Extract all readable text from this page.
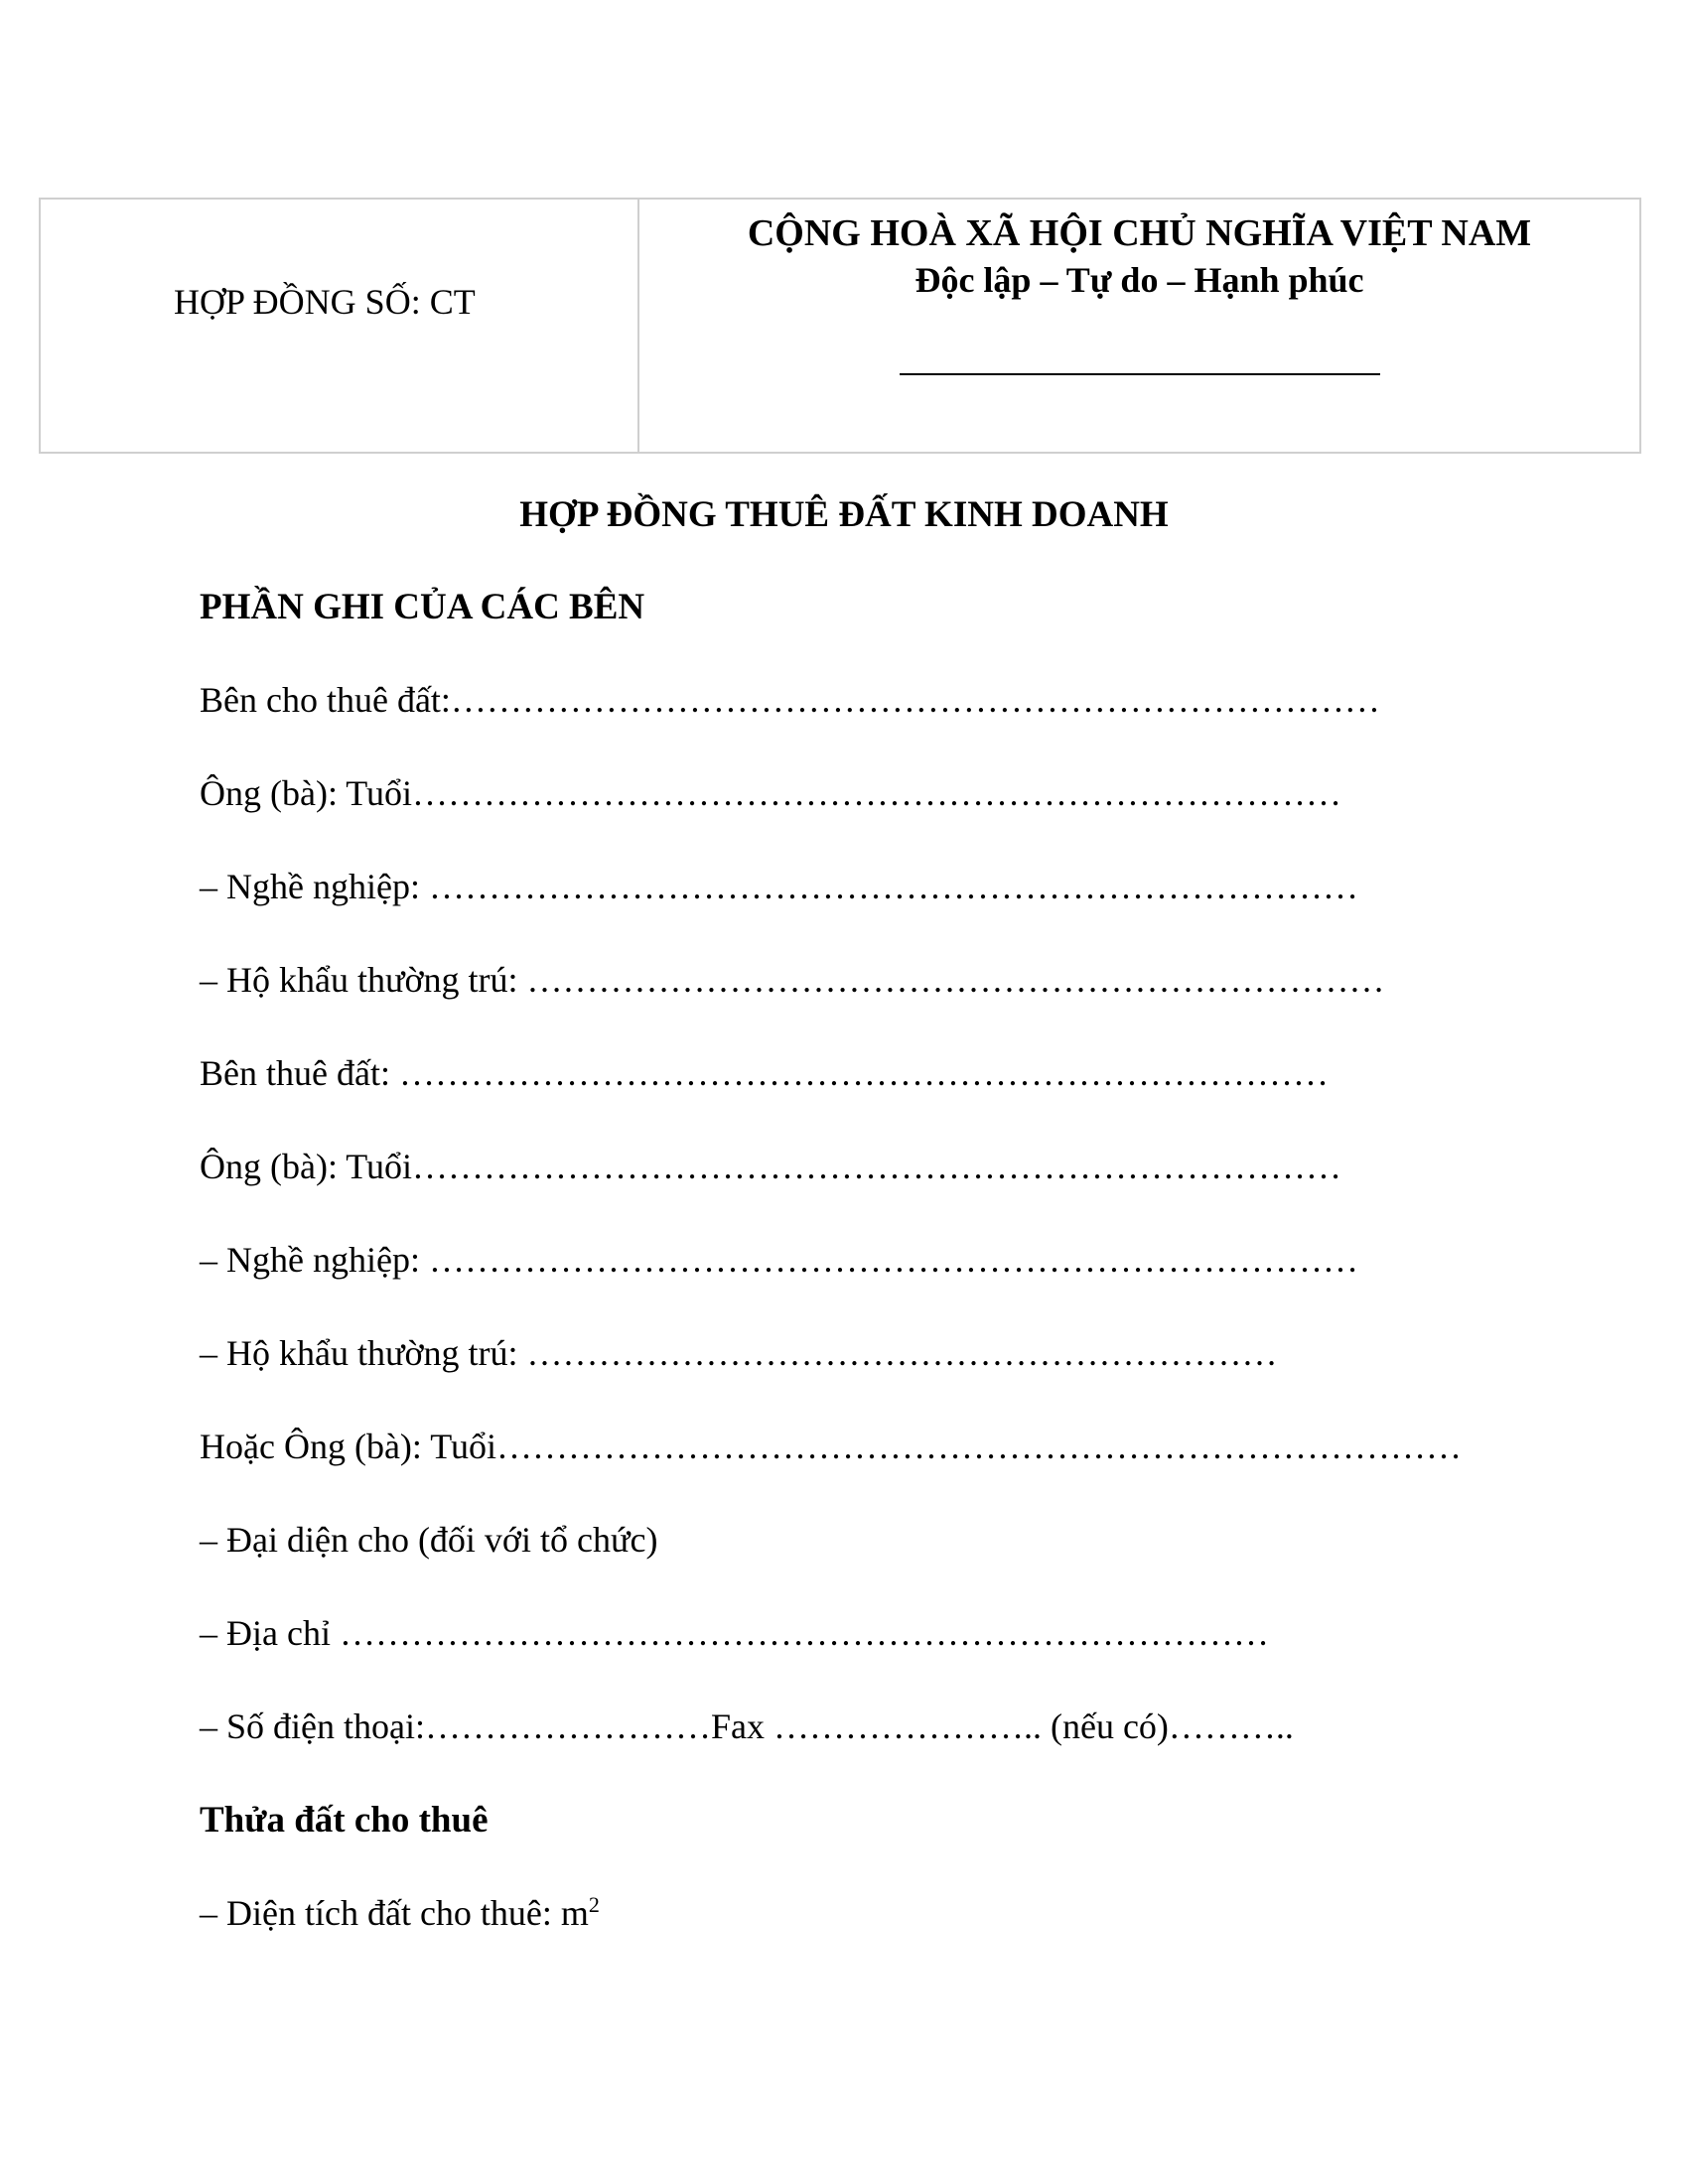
HỢP ĐỒNG SỐ: CT
CỘNG HOÀ XÃ HỘI CHỦ NGHĨA VIỆT NAM
Độc lập – Tự do – Hạnh phúc
HỢP ĐỒNG THUÊ ĐẤT KINH DOANH
PHẦN GHI CỦA CÁC BÊN
Bên cho thuê đất:……………………………………………………………………
Ông (bà): Tuổi……………………………………………………………………
– Nghề nghiệp: ……………………………………………………………………
– Hộ khẩu thường trú: ………………………………………………………………
Bên thuê đất: ……………………………………………………………………
Ông (bà): Tuổi……………………………………………………………………
– Nghề nghiệp: ……………………………………………………………………
– Hộ khẩu thường trú: ………………………………………………………
Hoặc Ông (bà): Tuổi………………………………………………………………………
– Đại diện cho (đối với tổ chức)
– Địa chỉ ……………………………………………………………………
– Số điện thoại:……………………Fax ………………….. (nếu có)………..
Thửa đất cho thuê
– Diện tích đất cho thuê: $m^2$
